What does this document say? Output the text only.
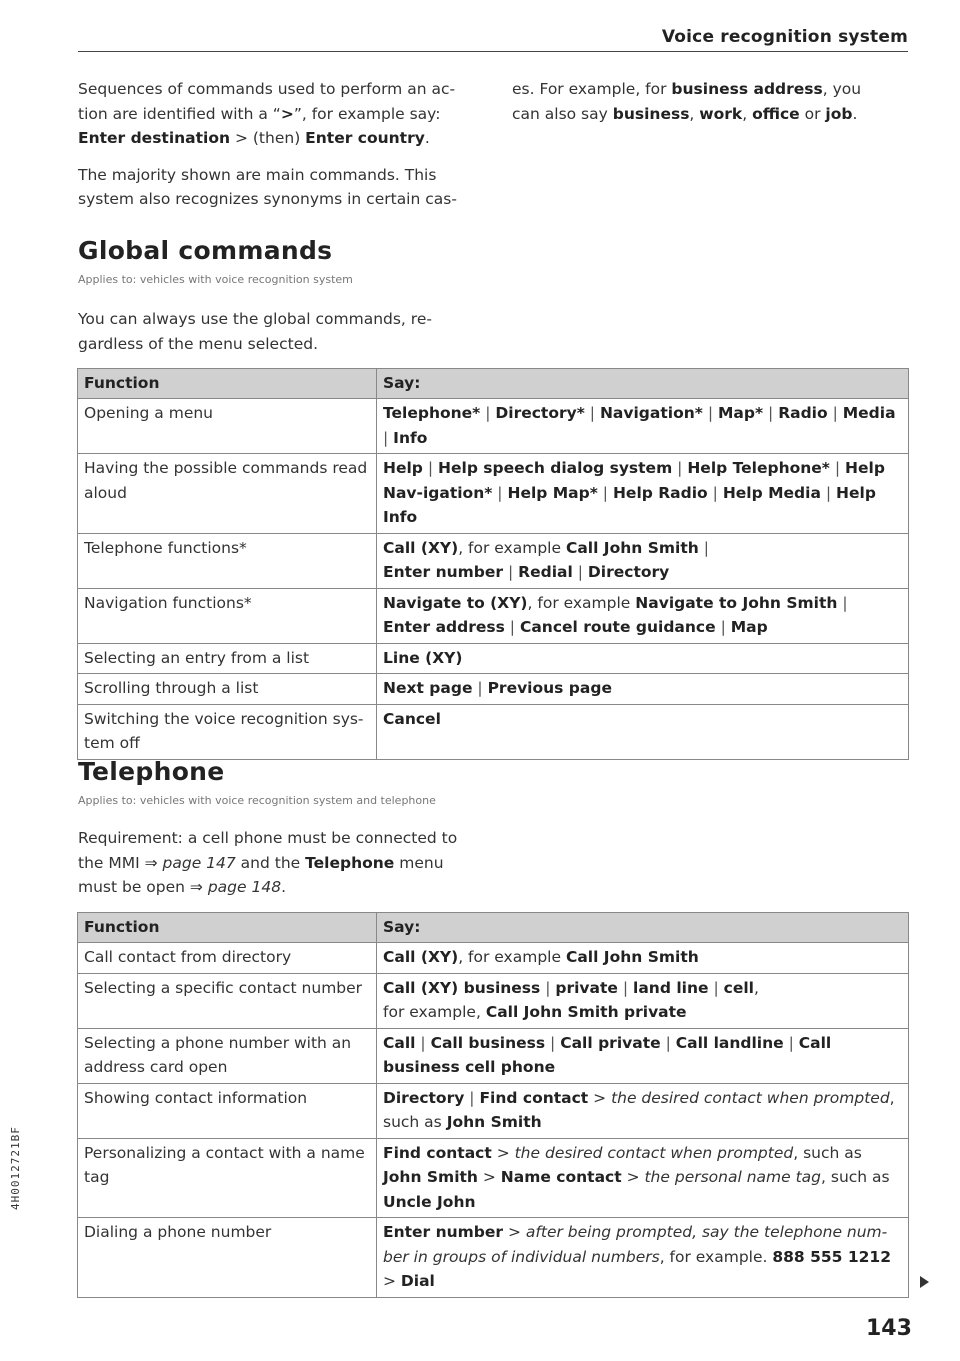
Voice recognition system

Sequences of commands used to perform an ac-tion are identified with a “>”, for example say: Enter destination > (then) Enter country.

The majority shown are main commands. This system also recognizes synonyms in certain cas-

es. For example, for business address, you can also say business, work, office or job.

Global commands
Applies to: vehicles with voice recognition system
You can always use the global commands, re-gardless of the menu selected.
Function	Say:
Opening a menu	Telephone* | Directory* | Navigation* | Map* | Radio | Media | Info
Having the possible commands read aloud	Help | Help speech dialog system | Help Telephone* | Help Nav-igation* | Help Map* | Help Radio | Help Media | Help Info
Telephone functions*	Call (XY), for example Call John Smith |
Enter number | Redial | Directory
Navigation functions*	Navigate to (XY), for example Navigate to John Smith |
Enter address | Cancel route guidance | Map
Selecting an entry from a list	Line (XY)
Scrolling through a list	Next page | Previous page
Switching the voice recognition sys-tem off	Cancel
Telephone
Applies to: vehicles with voice recognition system and telephone
Requirement: a cell phone must be connected to the MMI ⇒ page 147 and the Telephone menu must be open ⇒ page 148.
Function	Say:
Call contact from directory	Call (XY), for example Call John Smith
Selecting a specific contact number	Call (XY) business | private | land line | cell,
for example, Call John Smith private
Selecting a phone number with an address card open	Call | Call business | Call private | Call landline | Call business cell phone
Showing contact information	Directory | Find contact > the desired contact when prompted, such as John Smith
Personalizing a contact with a name tag	Find contact > the desired contact when prompted, such as John Smith > Name contact > the personal name tag, such as Uncle John
Dialing a phone number	Enter number > after being prompted, say the telephone num-ber in groups of individual numbers, for example. 888 555 1212 > Dial
143
4H0012721BF
